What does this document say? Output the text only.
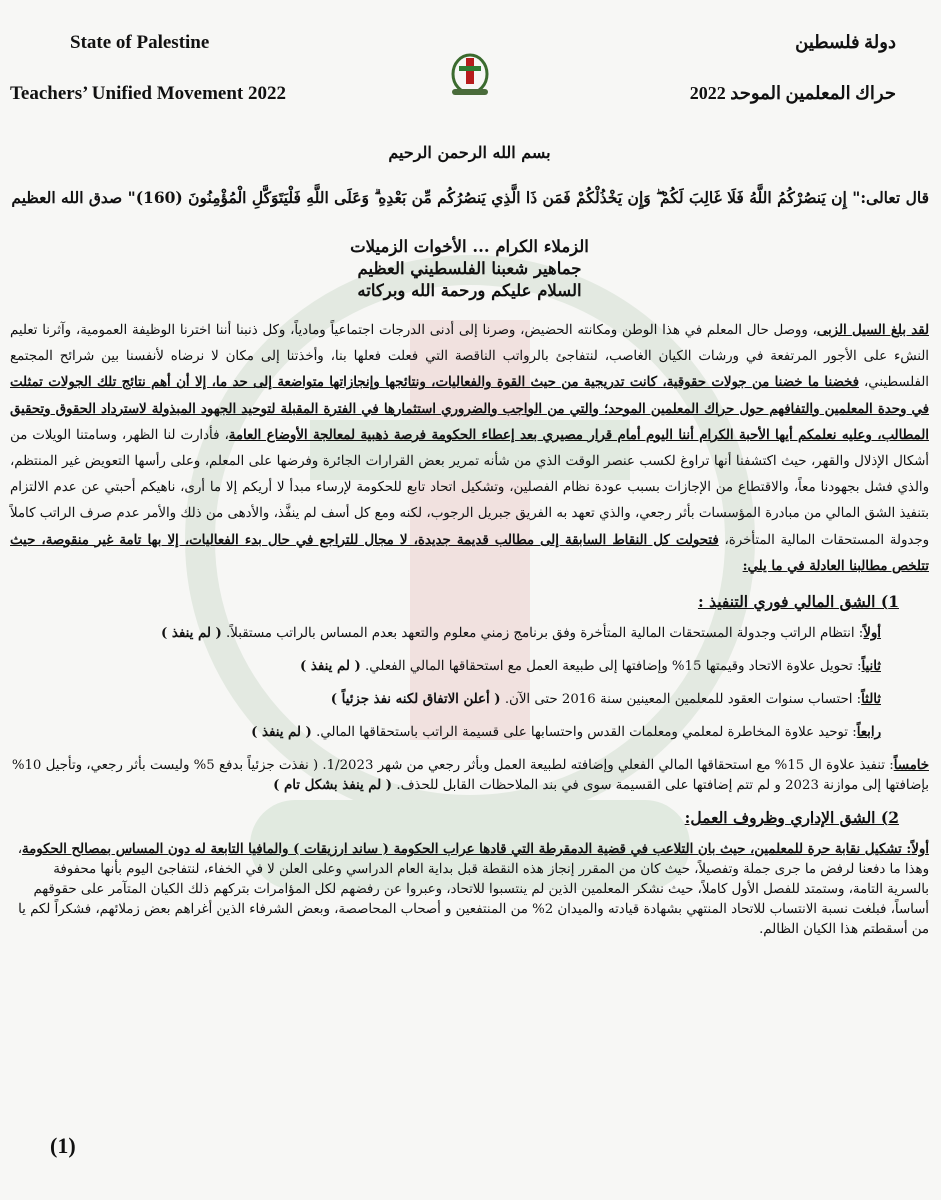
State of Palestine
Teachers’ Unified Movement 2022
دولة فلسطين
حراك المعلمين الموحد 2022
بسم الله الرحمن الرحيم
قال تعالى:" إِن يَنصُرْكُمُ اللَّهُ فَلَا غَالِبَ لَكُمْ ۖ وَإِن يَخْذُلْكُمْ فَمَن ذَا الَّذِي يَنصُرُكُم مِّن بَعْدِهِ ۗ وَعَلَى اللَّهِ فَلْيَتَوَكَّلِ الْمُؤْمِنُونَ (160)" صدق الله العظيم
الزملاء الكرام ... الأخوات الزميلات
جماهير شعبنا الفلسطيني العظيم
السلام عليكم ورحمة الله وبركاته
لقد بلغ السيل الزبى، ووصل حال المعلم في هذا الوطن ومكانته الحضيض، وصرنا إلى أدنى الدرجات اجتماعياً ومادياً، وكل ذنبنا أننا اخترنا الوظيفة العمومية، وآثرنا تعليم النشء على الأجور المرتفعة في ورشات الكيان الغاصب، لنتفاجئ بالرواتب الناقصة التي فعلت فعلها بنا، وأخذتنا إلى مكان لا نرضاه لأنفسنا بين شرائح المجتمع الفلسطيني، فخضنا ما خضنا من جولات حقوقية، كانت تدريجية من حيث القوة والفعاليات، ونتائجها وإنجازاتها متواضعة إلى حد ما، إلا أن أهم نتائج تلك الجولات تمثلت في وحدة المعلمين والتفافهم حول حراك المعلمين الموحد؛ والتي من الواجب والضروري استثمارها في الفترة المقبلة لتوحيد الجهود المبذولة لاسترداد الحقوق وتحقيق المطالب، وعليه نعلمكم أيها الأحبة الكرام أننا اليوم أمام قرار مصيري بعد إعطاء الحكومة فرصة ذهبية لمعالجة الأوضاع العامة، فأدارت لنا الظهر، وسامتنا الويلات من أشكال الإذلال والقهر، حيث اكتشفنا أنها تراوغ لكسب عنصر الوقت الذي من شأنه تمرير بعض القرارات الجائرة وفرضها على المعلم، وعلى رأسها التعويض غير المنتظم، والذي فشل بجهودنا معاً، والاقتطاع من الإجازات بسبب عودة نظام الفصلين، وتشكيل اتحاد تابع للحكومة لإرساء مبدأ لا أريكم إلا ما أرى، ناهيكم أحبتي عن عدم الالتزام بتنفيذ الشق المالي من مبادرة المؤسسات بأثر رجعي، والذي تعهد به الفريق جبريل الرجوب، لكنه ومع كل أسف لم ينفَّذ، والأدهى من ذلك والأمر عدم صرف الراتب كاملاً وجدولة المستحقات المالية المتأخرة، فتحولت كل النقاط السابقة إلى مطالب قديمة جديدة، لا مجال للتراجع في حال بدء الفعاليات، إلا بها تامة غير منقوصة، حيث تتلخص مطالبنا العادلة في ما يلي:
1) الشق المالي فوري التنفيذ :
أولاً: انتظام الراتب وجدولة المستحقات المالية المتأخرة وفق برنامج زمني معلوم والتعهد بعدم المساس بالراتب مستقبلاً. ( لم ينفذ )
ثانياً: تحويل علاوة الاتحاد وقيمتها 15% وإضافتها إلى طبيعة العمل مع استحقاقها المالي الفعلي. ( لم ينفذ )
ثالثاً: احتساب سنوات العقود للمعلمين المعينين سنة 2016 حتى الآن. ( أعلن الاتفاق لكنه نفذ جزئياً )
رابعاً: توحيد علاوة المخاطرة لمعلمي ومعلمات القدس واحتسابها على قسيمة الراتب باستحقاقها المالي. ( لم ينفذ )
خامساً: تنفيذ علاوة ال 15% مع استحقاقها المالي الفعلي وإضافته لطبيعة العمل وبأثر رجعي من شهر 1/2023. ( نفذت جزئياً بدفع 5% وليست بأثر رجعي، وتأجيل 10% بإضافتها إلى موازنة 2023 و لم تتم إضافتها على القسيمة سوى في بند الملاحظات القابل للحذف. ( لم ينفذ بشكل تام )
2) الشق الإداري وظروف العمل:
أولاً: تشكيل نقابة حرة للمعلمين، حيث بان التلاعب في قضية الدمقرطة التي قادها عراب الحكومة ( ساند ارزيقات ) والمافيا التابعة له دون المساس بمصالح الحكومة، وهذا ما دفعنا لرفض ما جرى جملة وتفصيلاً، حيث كان من المقرر إنجاز هذه النقطة قبل بداية العام الدراسي وعلى العلن لا في الخفاء، لنتفاجئ اليوم بأنها محفوفة بالسرية التامة، وستمتد للفصل الأول كاملاً، حيث نشكر المعلمين الذين لم ينتسبوا للاتحاد، وعبروا عن رفضهم لكل المؤامرات بتركهم ذلك الكيان المتآمر على حقوقهم أساساً، فبلغت نسبة الانتساب للاتحاد المنتهي بشهادة قيادته والميدان 2% من المنتفعين و أصحاب المحاصصة، وبعض الشرفاء الذين أغراهم بعض زملائهم، فشكراً لكم يا من أسقطتم هذا الكيان الظالم.
(1)
